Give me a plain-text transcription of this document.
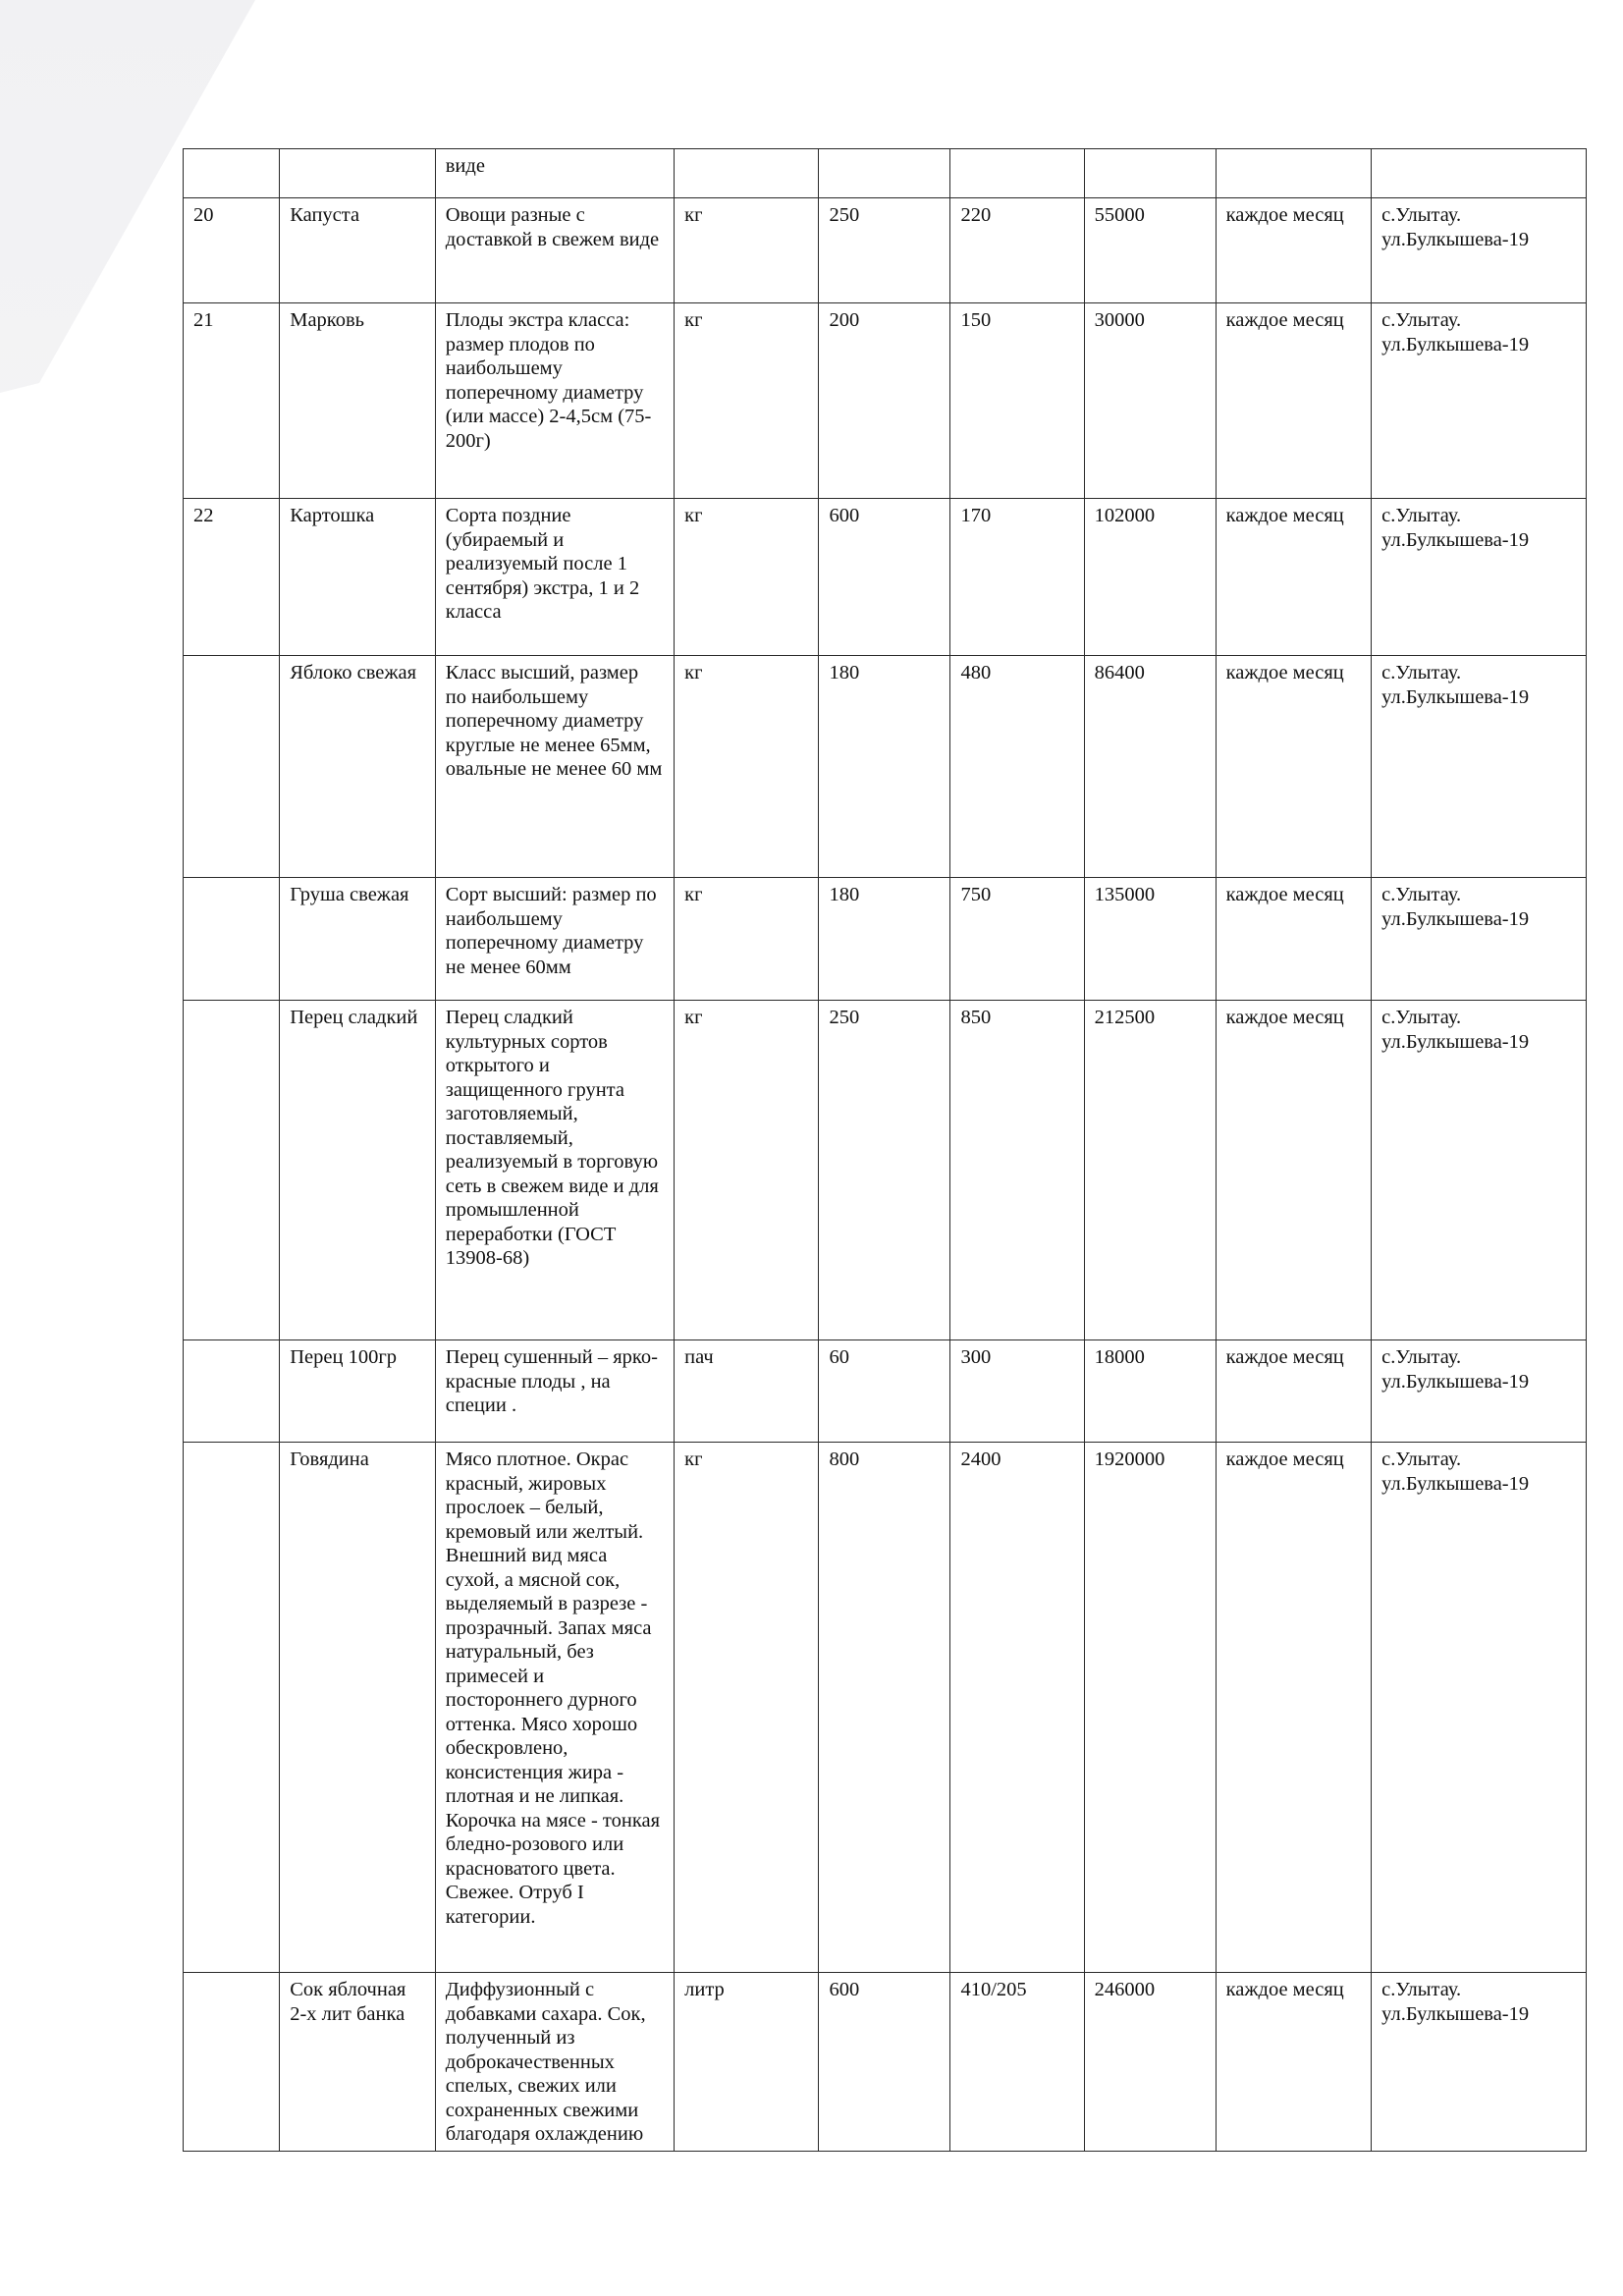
		виде						
20	Капуста	Овощи разные с доставкой в свежем виде	кг	250	220	55000	каждое месяц	с.Улытау. ул.Булкышева-19
21	Марковь	Плоды экстра класса: размер плодов по наибольшему поперечному диаметру (или массе) 2-4,5см (75-200г)	кг	200	150	30000	каждое месяц	с.Улытау. ул.Булкышева-19
22	Картошка	Сорта поздние (убираемый и реализуемый после 1 сентября) экстра, 1 и 2 класса	кг	600	170	102000	каждое месяц	с.Улытау. ул.Булкышева-19
	Яблоко свежая	Класс высший, размер по наибольшему поперечному диаметру круглые не менее 65мм, овальные не менее 60 мм	кг	180	480	86400	каждое месяц	с.Улытау. ул.Булкышева-19
	Груша свежая	Сорт высший: размер по наибольшему поперечному диаметру не менее 60мм	кг	180	750	135000	каждое месяц	с.Улытау. ул.Булкышева-19
	Перец сладкий	Перец сладкий культурных сортов открытого и защищенного грунта заготовляемый, поставляемый, реализуемый в торговую сеть в свежем виде и для промышленной переработки (ГОСТ 13908-68)	кг	250	850	212500	каждое месяц	с.Улытау. ул.Булкышева-19
	Перец 100гр	Перец сушенный – ярко-красные плоды , на специи .	пач	60	300	18000	каждое месяц	с.Улытау. ул.Булкышева-19
	Говядина	Мясо плотное. Окрас красный, жировых прослоек – белый, кремовый или желтый. Внешний вид мяса сухой, а мясной сок, выделяемый в разрезе - прозрачный. Запах мяса натуральный, без примесей и постороннего дурного оттенка. Мясо хорошо обескровлено, консистенция жира - плотная и не липкая. Корочка на мясе - тонкая бледно-розового или красноватого цвета. Свежее. Отруб I категории.	кг	800	2400	1920000	каждое месяц	с.Улытау. ул.Булкышева-19
	Сок яблочная 2-х лит банка	Диффузионный с добавками сахара. Сок, полученный из доброкачественных спелых, свежих или сохраненных свежими благодаря охлаждению	литр	600	410/205	246000	каждое месяц	с.Улытау. ул.Булкышева-19
